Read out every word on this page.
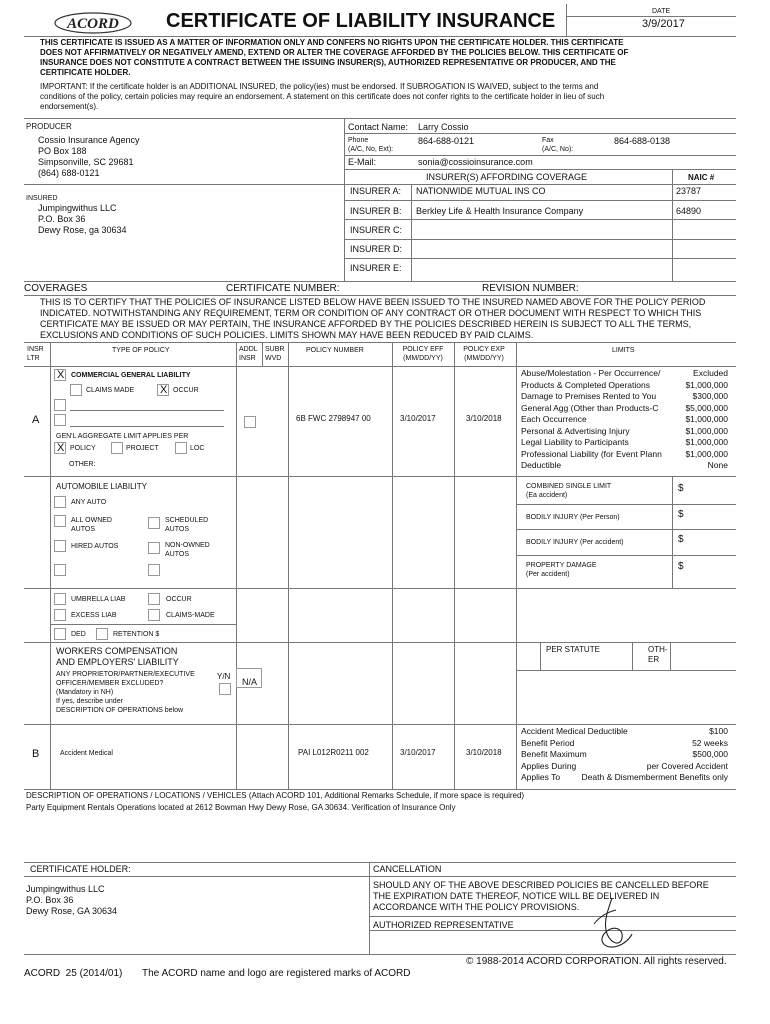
ACORD CERTIFICATE OF LIABILITY INSURANCE	DATE
3/9/2017
THIS CERTIFICATE IS ISSUED AS A MATTER OF INFORMATION ONLY AND CONFERS NO RIGHTS UPON THE CERTIFICATE HOLDER. THIS CERTIFICATE DOES NOT AFFIRMATIVELY OR NEGATIVELY AMEND, EXTEND OR ALTER THE COVERAGE AFFORDED BY THE POLICIES BELOW. THIS CERTIFICATE OF INSURANCE DOES NOT CONSTITUTE A CONTRACT BETWEEN THE ISSUING INSURER(S), AUTHORIZED REPRESENTATIVE OR PRODUCER, AND THE CERTIFICATE HOLDER.
IMPORTANT: If the certificate holder is an ADDITIONAL INSURED, the policy(ies) must be endorsed. If SUBROGATION IS WAIVED, subject to the terms and conditions of the policy, certain policies may require an endorsement. A statement on this certificate does not confer rights to the certificate holder in lieu of such endorsement(s).
PRODUCER
Cossio Insurance Agency
PO Box 188
Simpsonville, SC 29681
(864) 688-0121
Contact Name: Larry Cossio
Phone
(A/C, No, Ext):
864-688-0121	Fax
(A/C, No):
864-688-0138
E-Mail:	sonia@cossioinsurance.com
INSURER(S) AFFORDING COVERAGE	NAIC #
INSURER A: NATIONWIDE MUTUAL INS CO	23787
INSURER B: Berkley Life & Health Insurance Company	64890
INSURER C:
INSURER D:
INSURER E:
INSURED
Jumpingwithus LLC
P.O. Box 36
Dewy Rose, ga 30634
COVERAGES	CERTIFICATE NUMBER:	REVISION NUMBER:
THIS IS TO CERTIFY THAT THE POLICIES OF INSURANCE LISTED BELOW HAVE BEEN ISSUED TO THE INSURED NAMED ABOVE FOR THE POLICY PERIOD INDICATED. NOTWITHSTANDING ANY REQUIREMENT, TERM OR CONDITION OF ANY CONTRACT OR OTHER DOCUMENT WITH RESPECT TO WHICH THIS CERTIFICATE MAY BE ISSUED OR MAY PERTAIN, THE INSURANCE AFFORDED BY THE POLICIES DESCRIBED HEREIN IS SUBJECT TO ALL THE TERMS, EXCLUSIONS AND CONDITIONS OF SUCH POLICIES. LIMITS SHOWN MAY HAVE BEEN REDUCED BY PAID CLAIMS.
INSR LTR
TYPE OF POLICY	ADDL INSR
SUBR WVD
POLICY NUMBER	POLICY EFF (MM/DD/YY)
POLICY EXP (MM/DD/YY)
LIMITS
A
X COMMERCIAL GENERAL LIABILITY
CLAIMS MADE X OCCUR
GEN'L AGGREGATE LIMIT APPLIES PER
X POLICY	PROJECT	LOC
OTHER:
6B FWC 2798947 00	3/10/2017	3/10/2018
Abuse/Molestation - Per Occurrence/	Excluded
Products & Completed Operations	$1,000,000
Damage to Premises Rented to You	$300,000
General Agg (Other than Products-C	$5,000,000
Each Occurrence	$1,000,000
Personal & Advertising Injury	$1,000,000
Legal Liability to Participants	$1,000,000
Professional Liability (for Event Plann	$1,000,000
Deductible	None
AUTOMOBILE LIABILITY
ANY AUTO
ALL OWNED AUTOS
SCHEDULED AUTOS
HIRED AUTOS	NON-OWNED AUTOS
COMBINED SINGLE LIMIT
(Ea accident)
$
BODILY INJURY (Per Person)	$
BODILY INJURY (Per accident)	$
PROPERTY DAMAGE
(Per accident)
$
UMBRELLA LIAB	OCCUR
EXCESS LIAB	CLAIMS-MADE
DED	RETENTION $
WORKERS COMPENSATION
AND EMPLOYERS' LIABILITY
ANY PROPRIETOR/PARTNER/EXECUTIVE
OFFICER/MEMBER EXCLUDED?
(Mandatory in NH)
If yes, describe under
DESCRIPTION OF OPERATIONS below
Y/N
N/A
PER STATUTE	OTH- ER
B	Accident Medical	PAI L012R0211 002	3/10/2017	3/10/2018
Accident Medical Deductible	$100
Benefit Period	52 weeks
Benefit Maximum	$500,000
Applies During	per Covered Accident
Applies To	Death & Dismemberment Benefits only
DESCRIPTION OF OPERATIONS / LOCATIONS / VEHICLES (Attach ACORD 101, Additional Remarks Schedule, if more space is required)
Party Equipment Rentals Operations located at 2612 Bowman Hwy Dewy Rose, GA 30634. Verification of Insurance Only
CERTIFICATE HOLDER:
Jumpingwithus LLC
P.O. Box 36
Dewy Rose, GA 30634
CANCELLATION
SHOULD ANY OF THE ABOVE DESCRIBED POLICIES BE CANCELLED BEFORE THE EXPIRATION DATE THEREOF, NOTICE WILL BE DELIVERED IN ACCORDANCE WITH THE POLICY PROVISIONS.
AUTHORIZED REPRESENTATIVE
© 1988-2014 ACORD CORPORATION. All rights reserved.
ACORD  25 (2014/01) The ACORD name and logo are registered marks of ACORD
